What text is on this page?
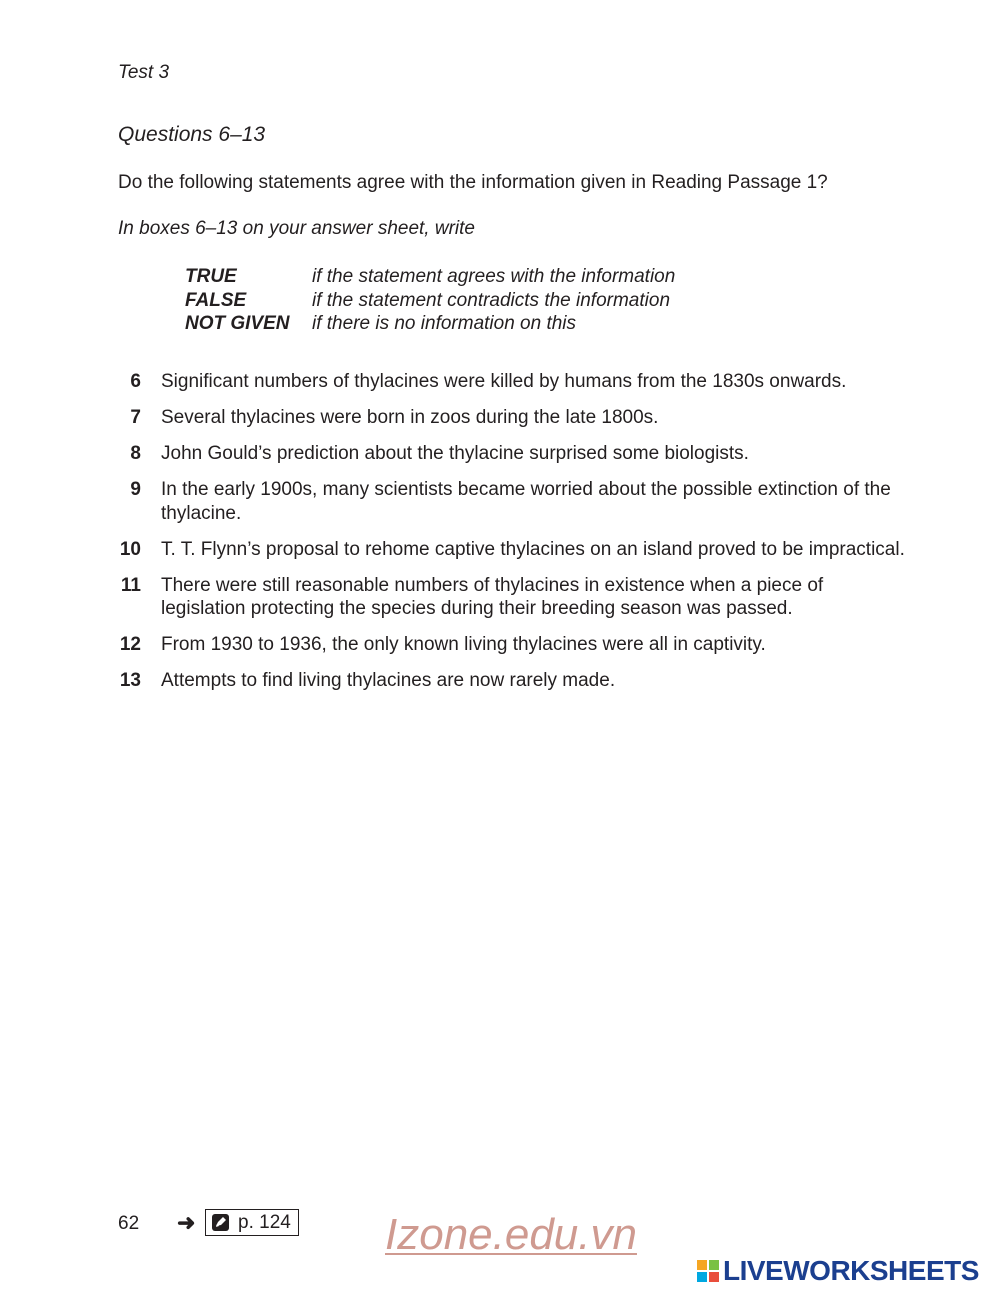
Test 3
Questions 6–13
Do the following statements agree with the information given in Reading Passage 1?
In boxes 6–13 on your answer sheet, write
TRUE	if the statement agrees with the information
FALSE	if the statement contradicts the information
NOT GIVEN	if there is no information on this
6	Significant numbers of thylacines were killed by humans from the 1830s onwards.
7	Several thylacines were born in zoos during the late 1800s.
8	John Gould’s prediction about the thylacine surprised some biologists.
9	In the early 1900s, many scientists became worried about the possible extinction of the thylacine.
10	T. T. Flynn’s proposal to rehome captive thylacines on an island proved to be impractical.
11	There were still reasonable numbers of thylacines in existence when a piece of legislation protecting the species during their breeding season was passed.
12	From 1930 to 1936, the only known living thylacines were all in captivity.
13	Attempts to find living thylacines are now rarely made.
62 ➜ p. 124 Izone.edu.vn
LIVEWORKSHEETS
